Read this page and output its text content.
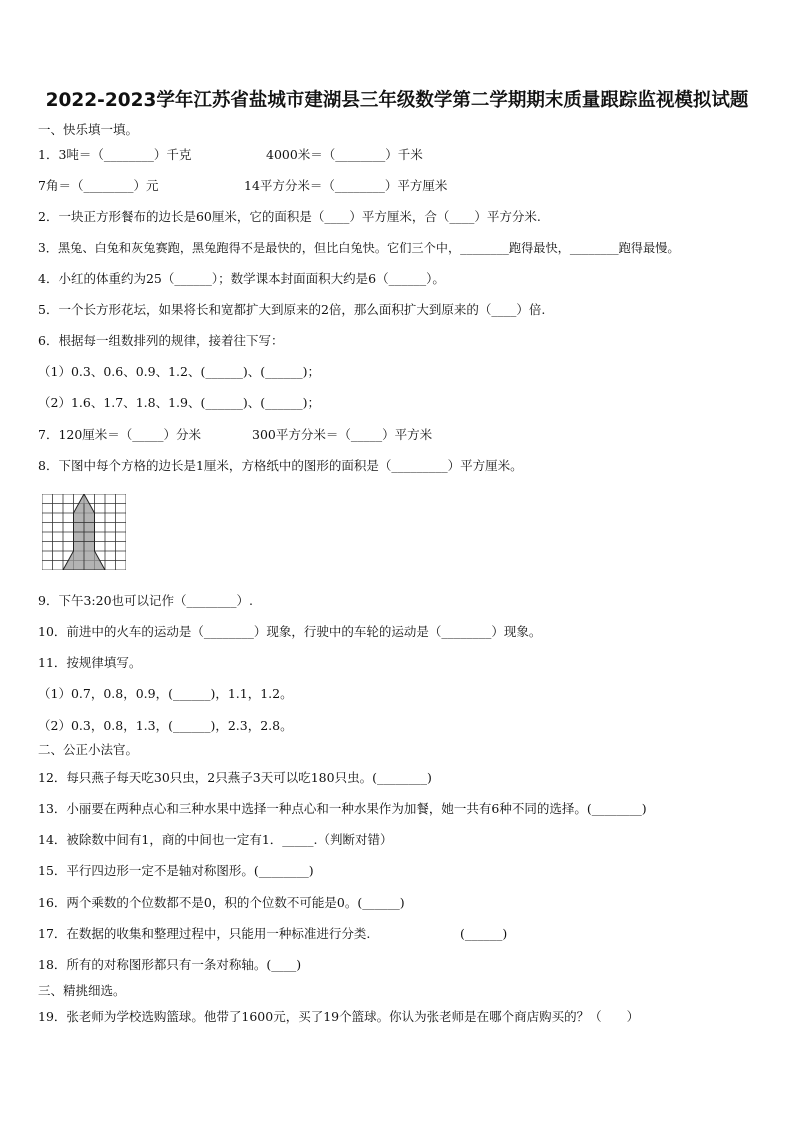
2022-2023学年江苏省盐城市建湖县三年级数学第二学期期末质量跟踪监视模拟试题
一、快乐填一填。
1．3吨＝（________）千克	4000米＝（________）千米
7角＝（________）元	14平方分米＝（________）平方厘米
2．一块正方形餐布的边长是60厘米，它的面积是（____）平方厘米，合（____）平方分米.
3．黑兔、白兔和灰兔赛跑，黑兔跑得不是最快的，但比白兔快。它们三个中，________跑得最快，________跑得最慢。
4．小红的体重约为25（______）；数学课本封面面积大约是6（______）。
5．一个长方形花坛，如果将长和宽都扩大到原来的2倍，那么面积扩大到原来的（____）倍.
6．根据每一组数排列的规律，接着往下写：
（1）0.3、0.6、0.9、1.2、(______)、(______)；
（2）1.6、1.7、1.8、1.9、(______)、(______)；
7．120厘米＝（_____）分米	300平方分米＝（_____）平方米
8．下图中每个方格的边长是1厘米，方格纸中的图形的面积是（_________）平方厘米。
9．下午3:20也可以记作（________）.
10．前进中的火车的运动是（________）现象，行驶中的车轮的运动是（________）现象。
11．按规律填写。
（1）0.7，0.8，0.9，(______)，1.1，1.2。
（2）0.3，0.8，1.3，(______)，2.3，2.8。
二、公正小法官。
12．每只燕子每天吃30只虫，2只燕子3天可以吃180只虫。(________)
13．小丽要在两种点心和三种水果中选择一种点心和一种水果作为加餐，她一共有6种不同的选择。(________)
14．被除数中间有1，商的中间也一定有1．_____.（判断对错）
15．平行四边形一定不是轴对称图形。(________)
16．两个乘数的个位数都不是0，积的个位数不可能是0。(______)
17．在数据的收集和整理过程中，只能用一种标准进行分类.	(______)
18．所有的对称图形都只有一条对称轴。(____)
三、精挑细选。
19．张老师为学校选购篮球。他带了1600元，买了19个篮球。你认为张老师是在哪个商店购买的？（　　）
